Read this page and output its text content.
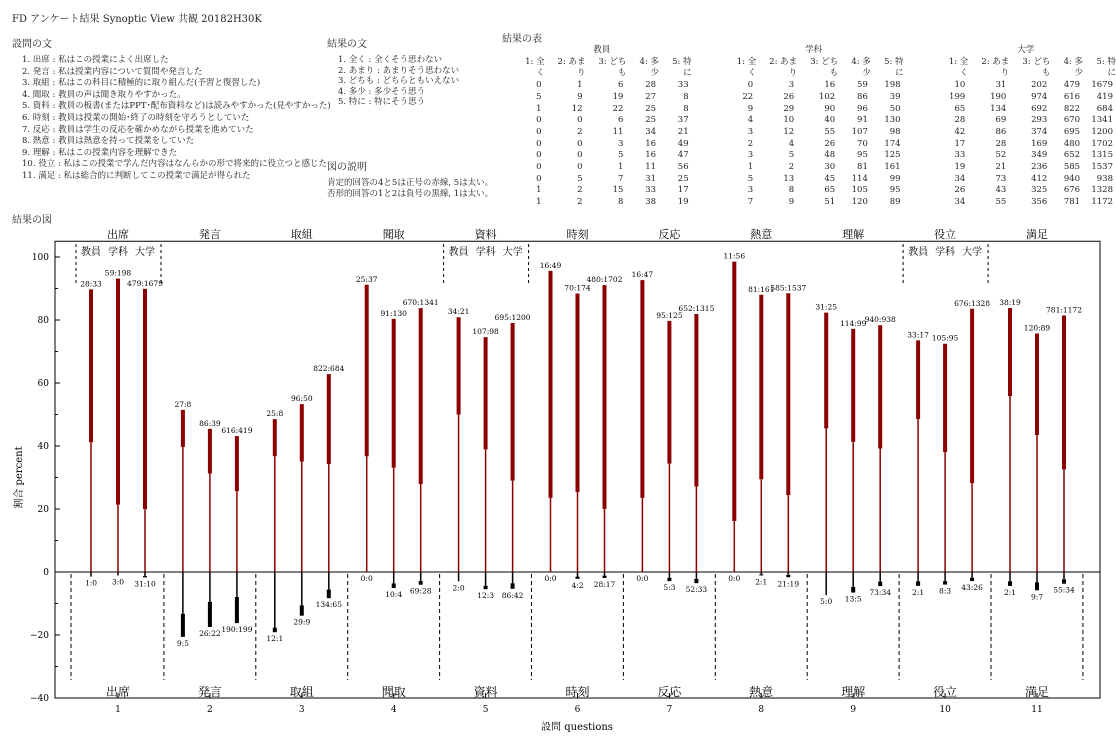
FD アンケート結果 Synoptic View 共観 20182H30K
設問の文
1. 出席 : 私はこの授業によく出席した
2. 発言 : 私は授業内容について質問や発言した
3. 取組 : 私はこの科目に積極的に取り組んだ(予習と復習した)
4. 聞取 : 教員の声は聞き取りやすかった。
5. 資料 : 教員の板書(またはPPT･配布資料など)は読みやすかった(見やすかった)
6. 時刻 : 教員は授業の開始･終了の時刻を守ろうとしていた
7. 反応 : 教員は学生の反応を確かめながら授業を進めていた
8. 熱意 : 教員は熱意を持って授業をしていた
9. 理解 : 私はこの授業内容を理解できた
10. 役立 : 私はこの授業で学んだ内容はなんらかの形で将来的に役立つと感じた
11. 満足 : 私は総合的に判断してこの授業で満足が得られた
結果の文
1. 全く : 全くそう思わない
2. あまり : あまりそう思わない
3. どちも : どちらともいえない
4. 多少 : 多少そう思う
5. 特に : 特にそう思う
図の説明
肯定的回答の4と5は正号の赤線, 5は太い。
否形的回答の1と2は負号の黒線, 1は太い。
結果の表
教員						学科						大学				
1: 全く	2: あまり	3: どちも	4: 多少	5: 特に		1: 全く	2: あまり	3: どちも	4: 多少	5: 特に		1: 全く	2: あまり	3: どちも	4: 多少	5: 特に
0	1	6	28	33		0	3	16	59	198		10	31	202	479	1679
5	9	19	27	8		22	26	102	86	39		199	190	974	616	419
1	12	22	25	8		9	29	90	96	50		65	134	692	822	684
0	0	6	25	37		4	10	40	91	130		28	69	293	670	1341
0	2	11	34	21		3	12	55	107	98		42	86	374	695	1200
0	0	3	16	49		2	4	26	70	174		17	28	169	480	1702
0	0	5	16	47		3	5	48	95	125		33	52	349	652	1315
0	0	1	11	56		1	2	30	81	161		19	21	236	585	1537
0	5	7	31	25		5	13	45	114	99		34	73	412	940	938
1	2	15	33	17		3	8	65	105	95		26	43	325	676	1328
1	2	8	38	19		7	9	51	120	89		34	55	356	781	1172
結果の図
100
80
60
40
20
0
−20
−40
割合 percent
設問 questions
出席
出席
1
教員 学科 大学
28:33
1:0
59:198
3:0
479:1679
31:10
発言
発言
2
27:8
9:5
86:39
26:22
616:419
190:199
取組
取組
3
25:8
12:1
96:50
29:9
822:684
134:65
聞取
聞取
4
25:37
0:0
91:130
10:4
670:1341
69:28
資料
資料
5
教員 学科 大学
34:21
2:0
107:98
12:3
695:1200
86:42
時刻
時刻
6
16:49
0:0
70:174
4:2
480:1702
28:17
反応
反応
7
16:47
0:0
95:125
5:3
652:1315
52:33
熱意
熱意
8
11:56
0:0
81:161
2:1
585:1537
21:19
理解
理解
9
31:25
5:0
114:99
13:5
940:938
73:34
役立
役立
10
教員 学科 大学
33:17
2:1
105:95
8:3
676:1328
43:26
満足
満足
11
38:19
2:1
120:89
9:7
781:1172
55:34
